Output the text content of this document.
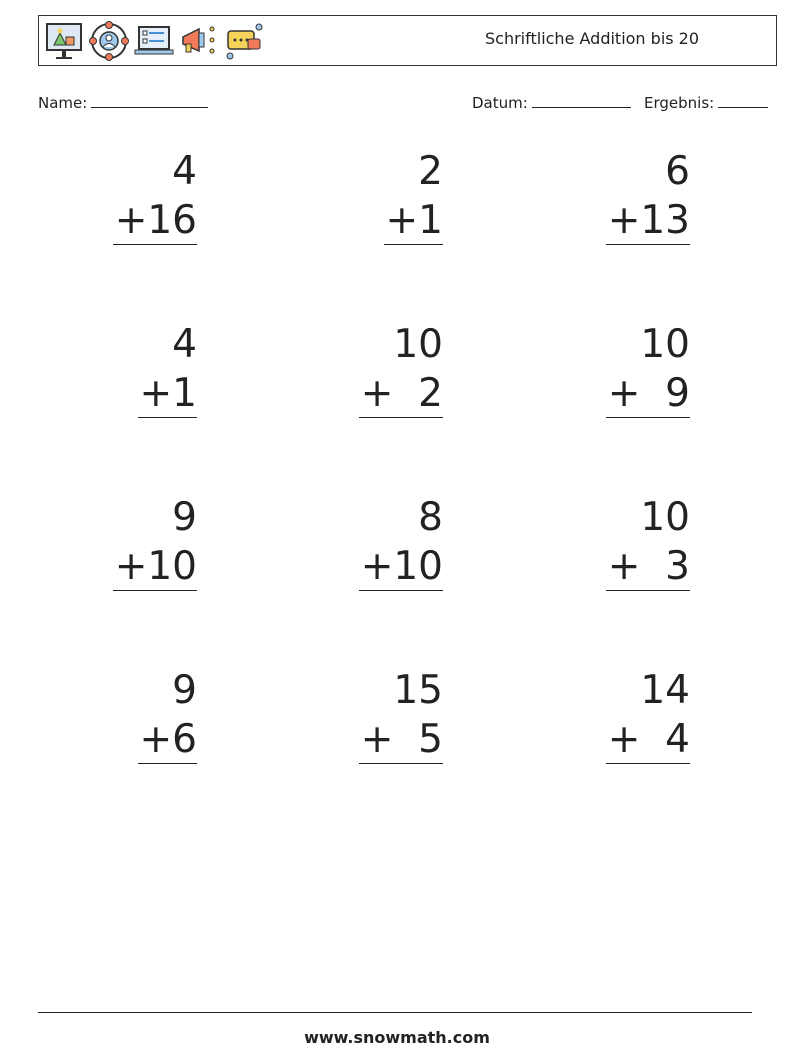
Schriftliche Addition bis 20
Name:	Datum:	Ergebnis:
4
+16
2
+1
6
+13
4
+1
10
+  2
10
+  9
9
+10
8
+10
10
+  3
9
+6
15
+  5
14
+  4
www.snowmath.com
